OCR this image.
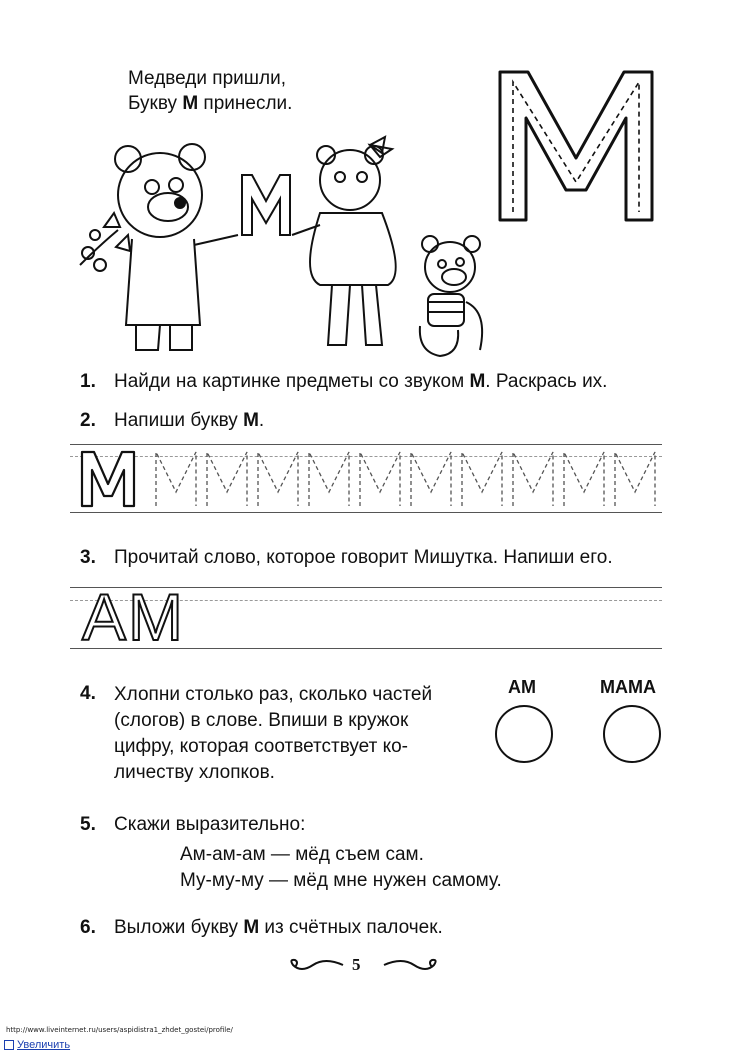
Медведи пришли,
Букву М принесли.
1. Найди на картинке предметы со звуком М. Раскрась их.
2. Напиши букву М.
3. Прочитай слово, которое говорит Мишутка. Напиши его.
АМ
4. Хлопни столько раз, сколько частей
(слогов) в слове. Впиши в кружок
цифру, которая соответствует ко-
личеству хлопков.
АМ	МАМА
5. Скажи выразительно:
Ам-ам-ам — мёд съем сам.
Му-му-му — мёд мне нужен самому.
6. Выложи букву М из счётных палочек.
5
http://www.liveinternet.ru/users/aspidistra1_zhdet_gostei/profile/
Увеличить
